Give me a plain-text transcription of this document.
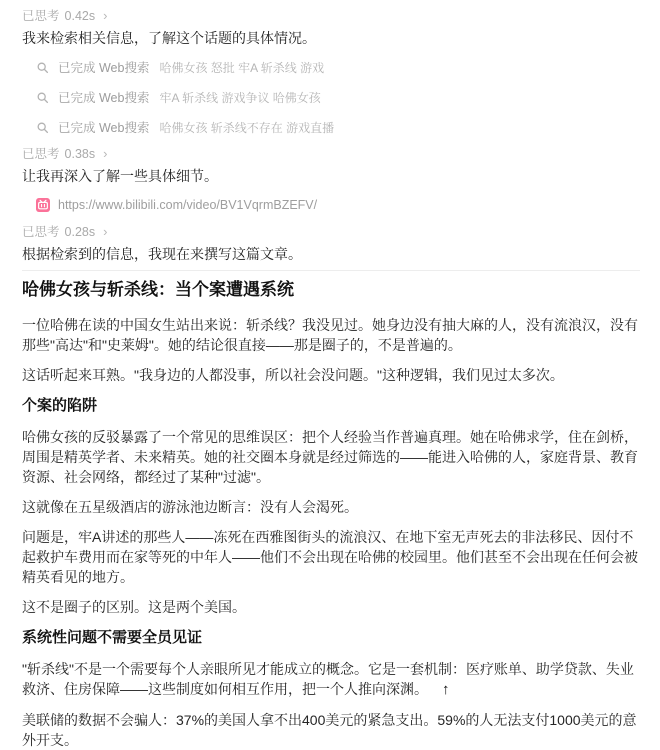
已思考 0.42s ›

我来检索相关信息，了解这个话题的具体情况。

已完成 Web搜索 哈佛女孩 怒批 牢A 斩杀线 游戏
已完成 Web搜索 牢A 斩杀线 游戏争议 哈佛女孩
已完成 Web搜索 哈佛女孩 斩杀线不存在 游戏直播
已思考 0.38s ›

让我再深入了解一些具体细节。

https://www.bilibili.com/video/BV1VqrmBZEFV/
已思考 0.28s ›

根据检索到的信息，我现在来撰写这篇文章。

哈佛女孩与斩杀线：当个案遭遇系统

一位哈佛在读的中国女生站出来说：斩杀线？我没见过。她身边没有抽大麻的人，没有流浪汉，没有那些"高达"和"史莱姆"。她的结论很直接——那是圈子的，不是普遍的。

这话听起来耳熟。"我身边的人都没事，所以社会没问题。"这种逻辑，我们见过太多次。

个案的陷阱

哈佛女孩的反驳暴露了一个常见的思维误区：把个人经验当作普遍真理。她在哈佛求学，住在剑桥，周围是精英学者、未来精英。她的社交圈本身就是经过筛选的——能进入哈佛的人，家庭背景、教育资源、社会网络，都经过了某种"过滤"。

这就像在五星级酒店的游泳池边断言：没有人会渴死。

问题是，牢A讲述的那些人——冻死在西雅图街头的流浪汉、在地下室无声死去的非法移民、因付不起救护车费用而在家等死的中年人——他们不会出现在哈佛的校园里。他们甚至不会出现在任何会被精英看见的地方。

这不是圈子的区别。这是两个美国。

系统性问题不需要全员见证

"斩杀线"不是一个需要每个人亲眼所见才能成立的概念。它是一套机制：医疗账单、助学贷款、失业救济、住房保障——这些制度如何相互作用，把一个人推向深渊。 ↑

美联储的数据不会骗人：37%的美国人拿不出400美元的紧急支出。59%的人无法支付1000美元的意外开支。
